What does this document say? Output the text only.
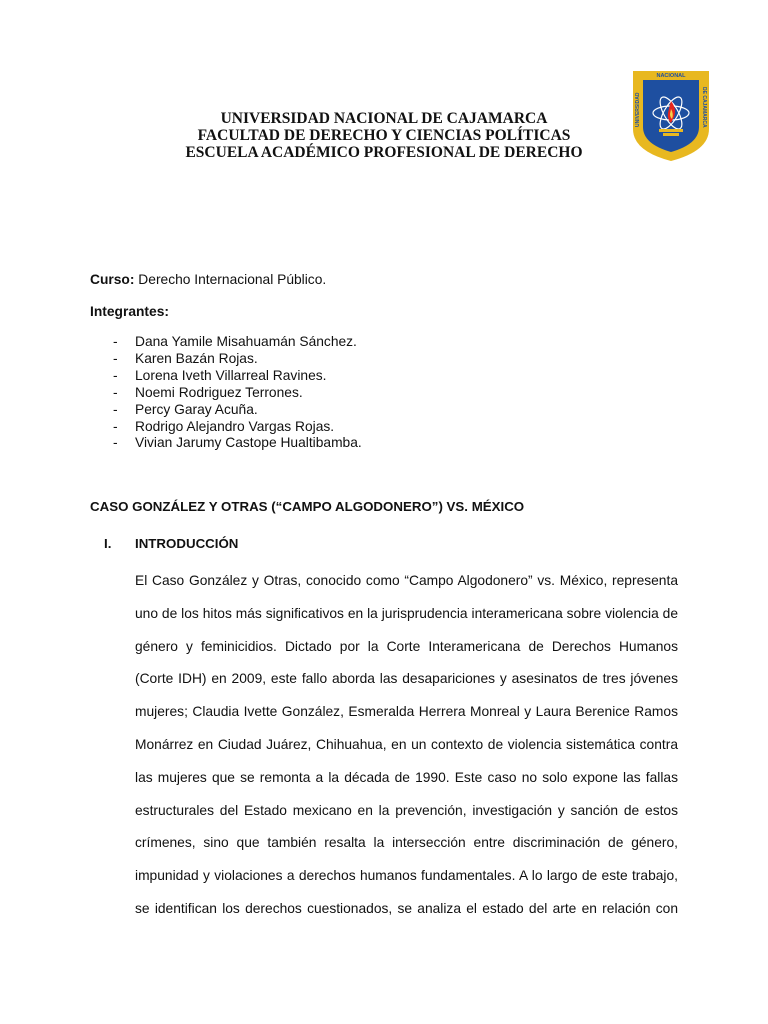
UNIVERSIDAD NACIONAL DE CAJAMARCA
FACULTAD DE DERECHO Y CIENCIAS POLÍTICAS
ESCUELA ACADÉMICO PROFESIONAL DE DERECHO
NACIONAL
UNIVERSIDAD	DE CAJAMARCA
Curso: Derecho Internacional Público.
Integrantes:
- Dana Yamile Misahuamán Sánchez.
- Karen Bazán Rojas.
- Lorena Iveth Villarreal Ravines.
- Noemi Rodriguez Terrones.
- Percy Garay Acuña.
- Rodrigo Alejandro Vargas Rojas.
- Vivian Jarumy Castope Hualtibamba.
CASO GONZÁLEZ Y OTRAS (“CAMPO ALGODONERO”) VS. MÉXICO
I. INTRODUCCIÓN
El Caso González y Otras, conocido como “Campo Algodonero” vs. México, representa
uno de los hitos más significativos en la jurisprudencia interamericana sobre violencia de
género y feminicidios. Dictado por la Corte Interamericana de Derechos Humanos
(Corte IDH) en 2009, este fallo aborda las desapariciones y asesinatos de tres jóvenes
mujeres; Claudia Ivette González, Esmeralda Herrera Monreal y Laura Berenice Ramos
Monárrez en Ciudad Juárez, Chihuahua, en un contexto de violencia sistemática contra
las mujeres que se remonta a la década de 1990. Este caso no solo expone las fallas
estructurales del Estado mexicano en la prevención, investigación y sanción de estos
crímenes, sino que también resalta la intersección entre discriminación de género,
impunidad y violaciones a derechos humanos fundamentales. A lo largo de este trabajo,
se identifican los derechos cuestionados, se analiza el estado del arte en relación con
